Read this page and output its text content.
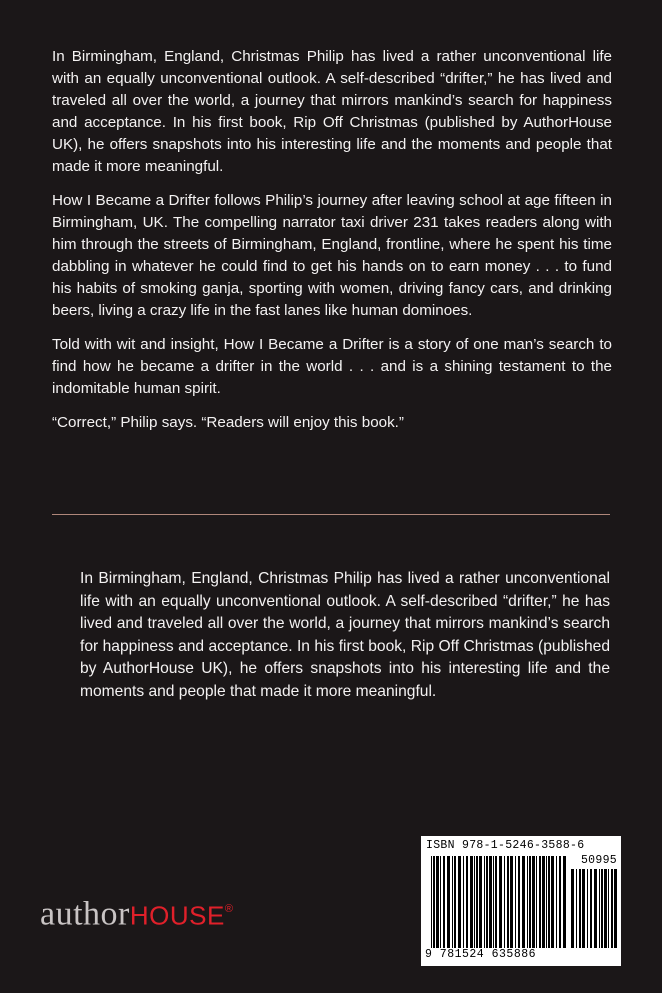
In Birmingham, England, Christmas Philip has lived a rather unconventional life with an equally unconventional outlook. A self-described “drifter,” he has lived and traveled all over the world, a journey that mirrors mankind’s search for happiness and acceptance. In his first book, Rip Off Christmas (published by AuthorHouse UK), he offers snapshots into his interesting life and the moments and people that made it more meaningful.

How I Became a Drifter follows Philip’s journey after leaving school at age fifteen in Birmingham, UK. The compelling narrator taxi driver 231 takes readers along with him through the streets of Birmingham, England, frontline, where he spent his time dabbling in whatever he could find to get his hands on to earn money . . . to fund his habits of smoking ganja, sporting with women, driving fancy cars, and drinking beers, living a crazy life in the fast lanes like human dominoes.

Told with wit and insight, How I Became a Drifter is a story of one man’s search to find how he became a drifter in the world . . . and is a shining testament to the indomitable human spirit.

“Correct,” Philip says. “Readers will enjoy this book.”

In Birmingham, England, Christmas Philip has lived a rather unconventional life with an equally unconventional outlook. A self-described “drifter,” he has lived and traveled all over the world, a journey that mirrors mankind’s search for happiness and acceptance. In his first book, Rip Off Christmas (published by AuthorHouse UK), he offers snapshots into his interesting life and the moments and people that made it more meaningful.

authorHOUSE®
ISBN 978-1-5246-3588-6
50995
9 781524 635886
